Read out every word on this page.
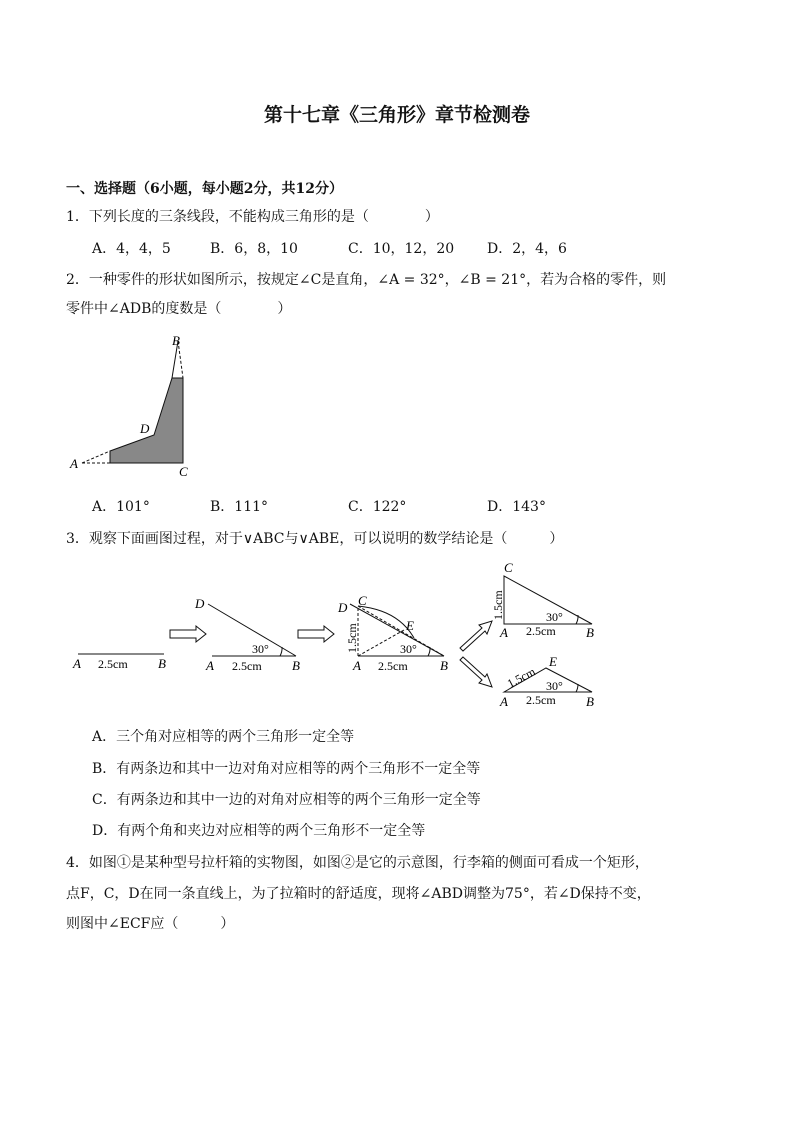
第十七章《三角形》章节检测卷
一、选择题（6小题，每小题2分，共12分）
1．下列长度的三条线段，不能构成三角形的是（　　　　）
A．4，4，5	B．6，8，10	C．10，12，20 D．2，4，6
2．一种零件的形状如图所示，按规定∠C是直角，∠A = 32°，∠B = 21°，若为合格的零件，则
零件中∠ADB的度数是（　　　　）
B
D
A
C
A．101°	B．111°	C．122°	D．143°
3．观察下面画图过程，对于∨ABC与∨ABE，可以说明的数学结论是（　　　）
A 2.5cm B
D
30°
A 2.5cm B
D C
E
30°
1.5cm
A 2.5cm B
C
1.5cm	30°
A 2.5cm B
E
1.5cm 30°
A 2.5cm B
A．三个角对应相等的两个三角形一定全等
B．有两条边和其中一边对角对应相等的两个三角形不一定全等
C．有两条边和其中一边的对角对应相等的两个三角形一定全等
D．有两个角和夹边对应相等的两个三角形不一定全等
4．如图①是某种型号拉杆箱的实物图，如图②是它的示意图，行李箱的侧面可看成一个矩形，
点F，C，D在同一条直线上，为了拉箱时的舒适度，现将∠ABD调整为75°，若∠D保持不变，
则图中∠ECF应（　　　）
